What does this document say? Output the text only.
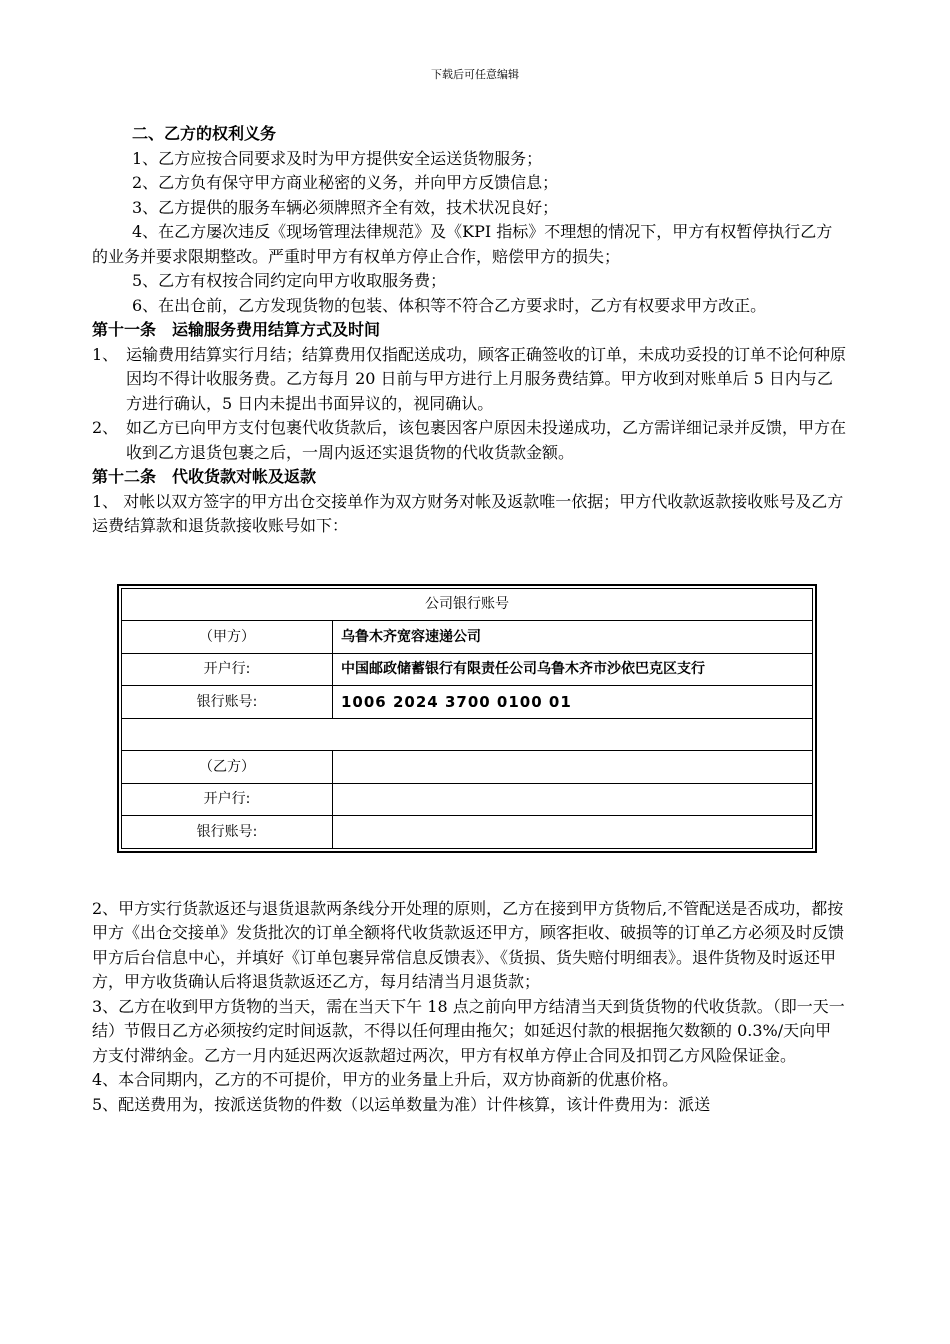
下载后可任意编辑

二、乙方的权利义务

1、乙方应按合同要求及时为甲方提供安全运送货物服务；

2、乙方负有保守甲方商业秘密的义务，并向甲方反馈信息；

3、乙方提供的服务车辆必须牌照齐全有效，技术状况良好；

4、在乙方屡次违反《现场管理法律规范》及《KPI 指标》不理想的情况下，甲方有权暂停执行乙方的业务并要求限期整改。严重时甲方有权单方停止合作，赔偿甲方的损失；

5、乙方有权按合同约定向甲方收取服务费；

6、在出仓前，乙方发现货物的包装、体积等不符合乙方要求时，乙方有权要求甲方改正。

第十一条　运输服务费用结算方式及时间

1、 运输费用结算实行月结；结算费用仅指配送成功，顾客正确签收的订单，未成功妥投的订单不论何种原因均不得计收服务费。乙方每月 20 日前与甲方进行上月服务费结算。甲方收到对账单后 5 日内与乙方进行确认，5 日内未提出书面异议的，视同确认。
2、 如乙方已向甲方支付包裹代收货款后，该包裹因客户原因未投递成功，乙方需详细记录并反馈，甲方在收到乙方退货包裹之后，一周内返还实退货物的代收货款金额。

第十二条　代收货款对帐及返款

1、 对帐以双方签字的甲方出仓交接单作为双方财务对帐及返款唯一依据；甲方代收款返款接收账号及乙方运费结算款和退货款接收账号如下：

公司银行账号	
（甲方）	乌鲁木齐宽容速递公司
开户行:	中国邮政储蓄银行有限责任公司乌鲁木齐市沙依巴克区支行
银行账号:	1006 2024 3700 0100 01

（乙方）	
开户行:	
银行账号:	

2、甲方实行货款返还与退货退款两条线分开处理的原则，乙方在接到甲方货物后,不管配送是否成功，都按甲方《出仓交接单》发货批次的订单全额将代收货款返还甲方，顾客拒收、破损等的订单乙方必须及时反馈甲方后台信息中心，并填好《订单包裹异常信息反馈表》、《货损、货失赔付明细表》。退件货物及时返还甲方，甲方收货确认后将退货款返还乙方，每月结清当月退货款；

3、乙方在收到甲方货物的当天，需在当天下午 18 点之前向甲方结清当天到货货物的代收货款。（即一天一结）节假日乙方必须按约定时间返款，不得以任何理由拖欠；如延迟付款的根据拖欠数额的 0.3%/天向甲方支付滞纳金。乙方一月内延迟两次返款超过两次，甲方有权单方停止合同及扣罚乙方风险保证金。

4、本合同期内，乙方的不可提价，甲方的业务量上升后，双方协商新的优惠价格。

5、配送费用为，按派送货物的件数（以运单数量为准）计件核算，该计件费用为：派送
